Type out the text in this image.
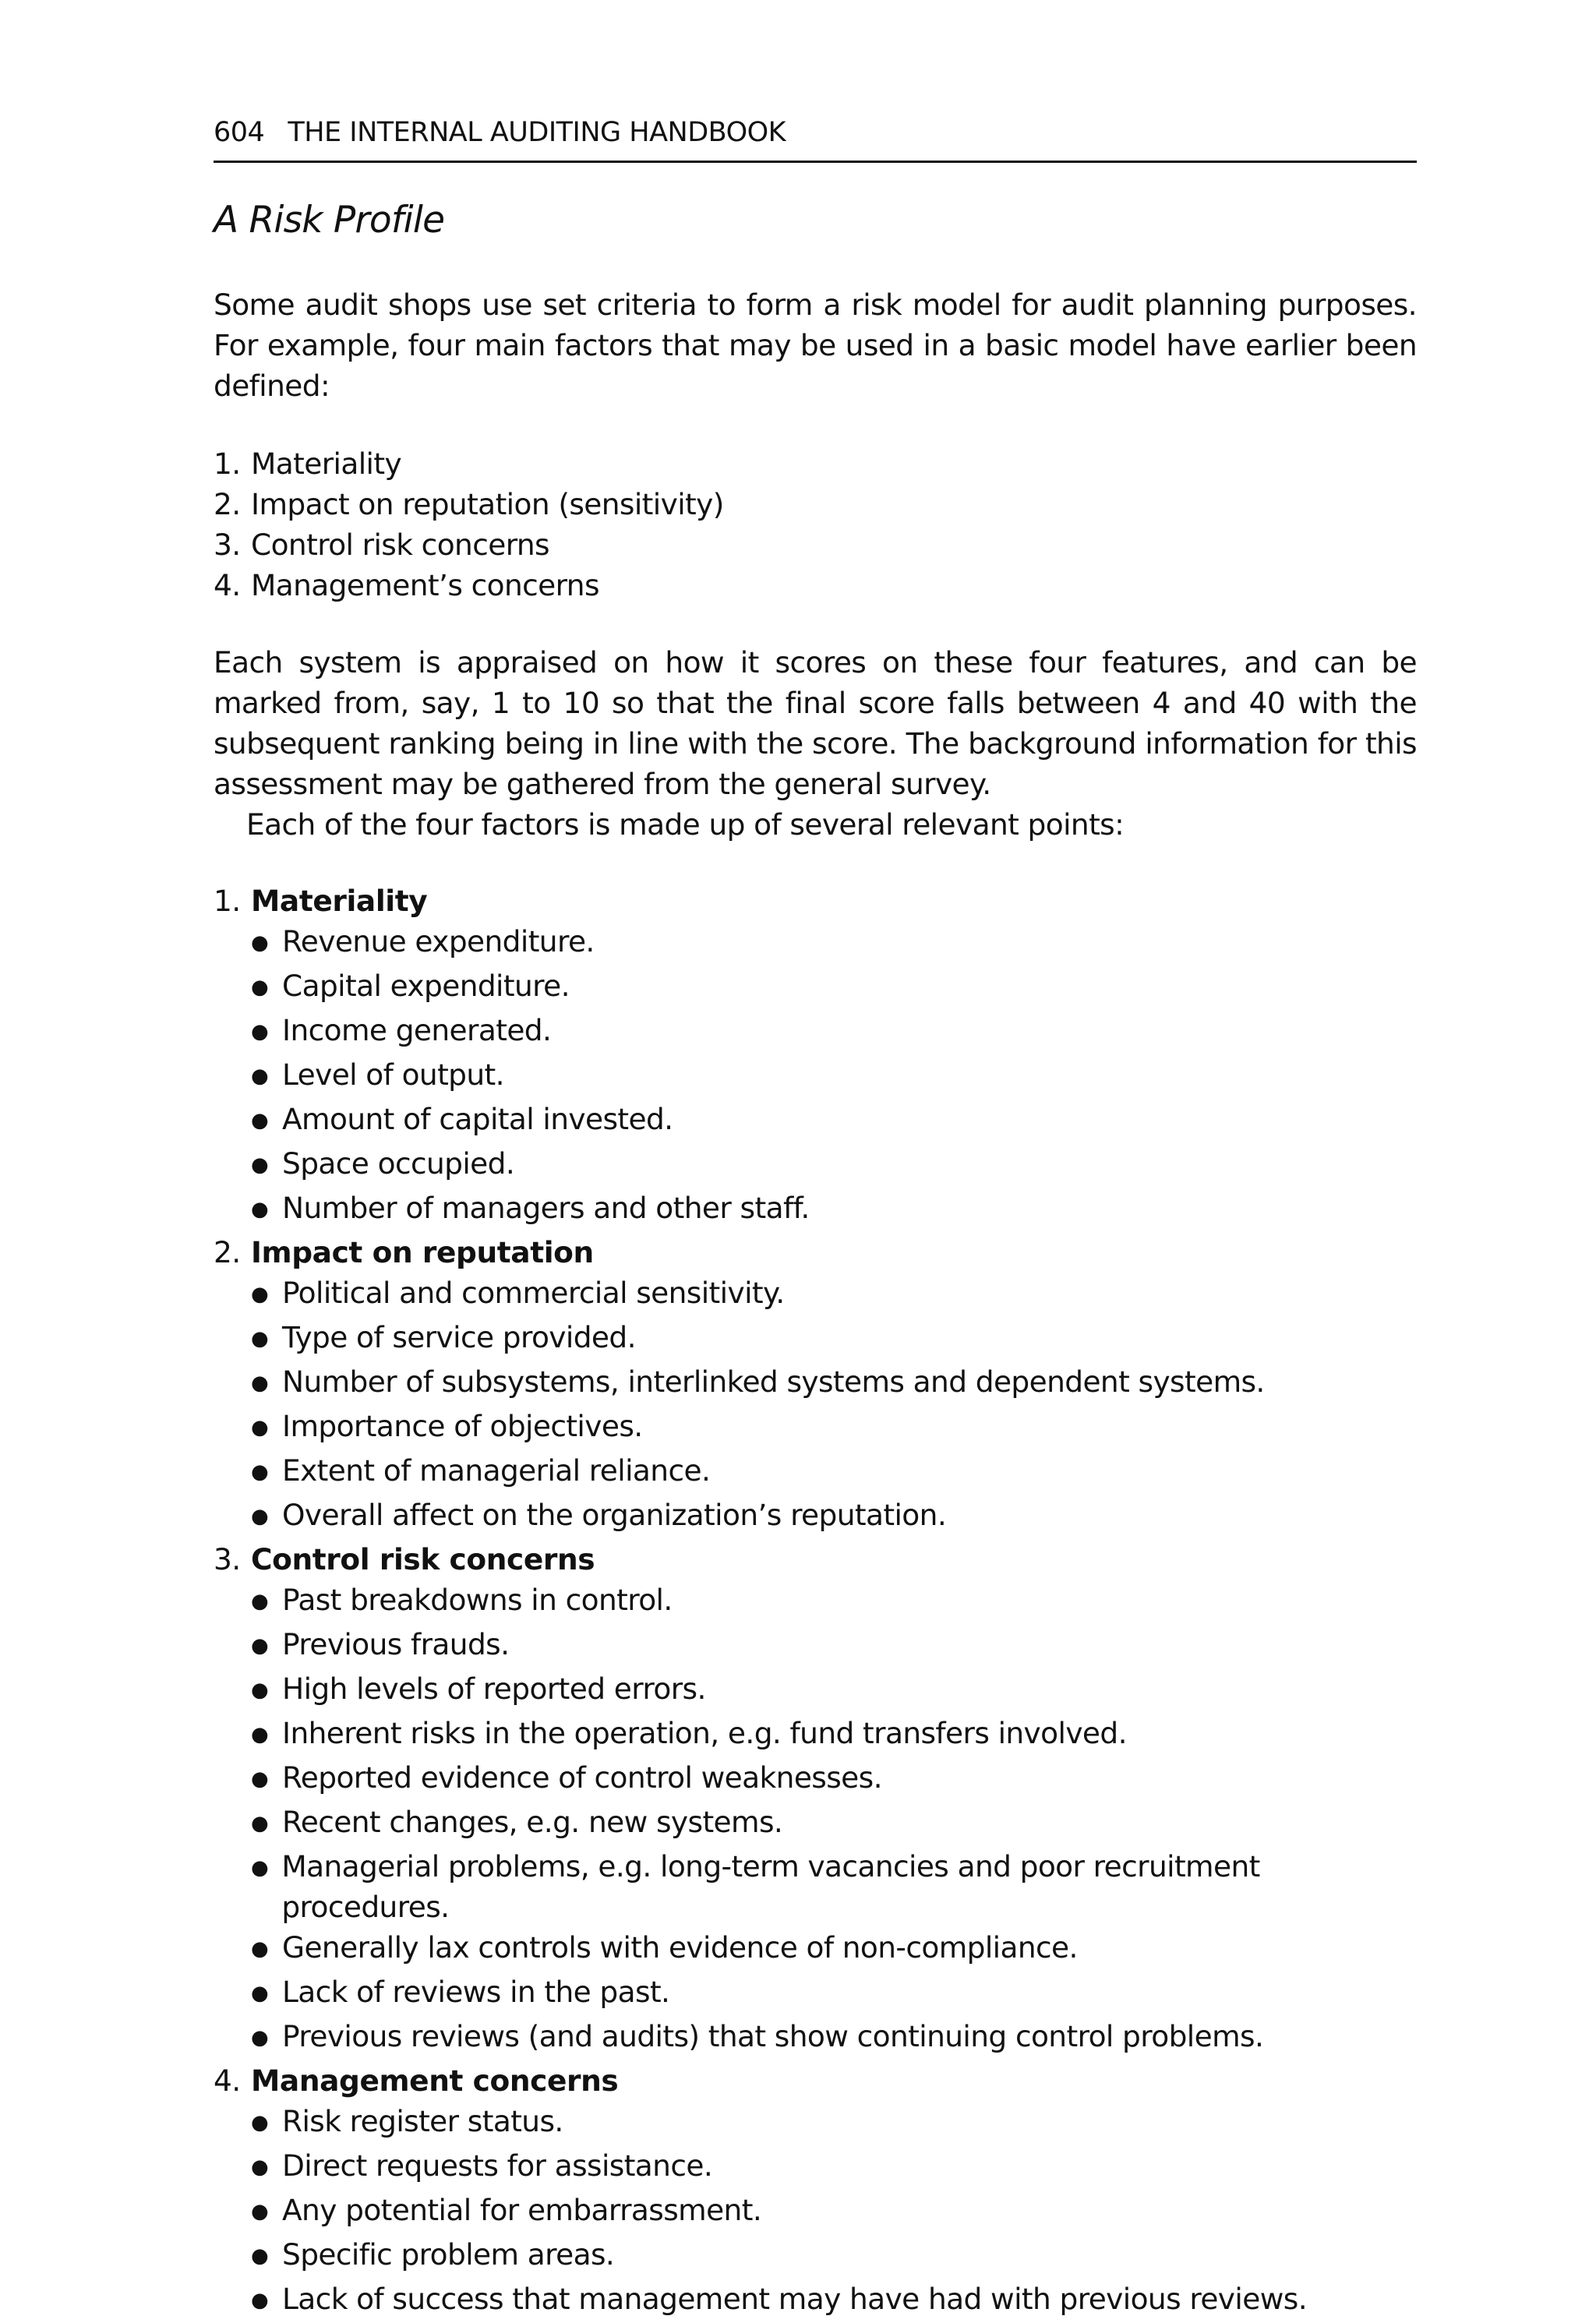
604 THE INTERNAL AUDITING HANDBOOK
A Risk Profile

Some audit shops use set criteria to form a risk model for audit planning purposes. For example, four main factors that may be used in a basic model have earlier been defined:

1. Materiality
2. Impact on reputation (sensitivity)
3. Control risk concerns
4. Management’s concerns

Each system is appraised on how it scores on these four features, and can be marked from, say, 1 to 10 so that the final score falls between 4 and 40 with the subsequent ranking being in line with the score. The background information for this assessment may be gathered from the general survey.

Each of the four factors is made up of several relevant points:

1. Materiality
● Revenue expenditure.
● Capital expenditure.
● Income generated.
● Level of output.
● Amount of capital invested.
● Space occupied.
● Number of managers and other staff.
2. Impact on reputation
● Political and commercial sensitivity.
● Type of service provided.
● Number of subsystems, interlinked systems and dependent systems.
● Importance of objectives.
● Extent of managerial reliance.
● Overall affect on the organization’s reputation.
3. Control risk concerns
● Past breakdowns in control.
● Previous frauds.
● High levels of reported errors.
● Inherent risks in the operation, e.g. fund transfers involved.
● Reported evidence of control weaknesses.
● Recent changes, e.g. new systems.
● Managerial problems, e.g. long-term vacancies and poor recruitment procedures.
● Generally lax controls with evidence of non-compliance.
● Lack of reviews in the past.
● Previous reviews (and audits) that show continuing control problems.
4. Management concerns
● Risk register status.
● Direct requests for assistance.
● Any potential for embarrassment.
● Specific problem areas.
● Lack of success that management may have had with previous reviews.
